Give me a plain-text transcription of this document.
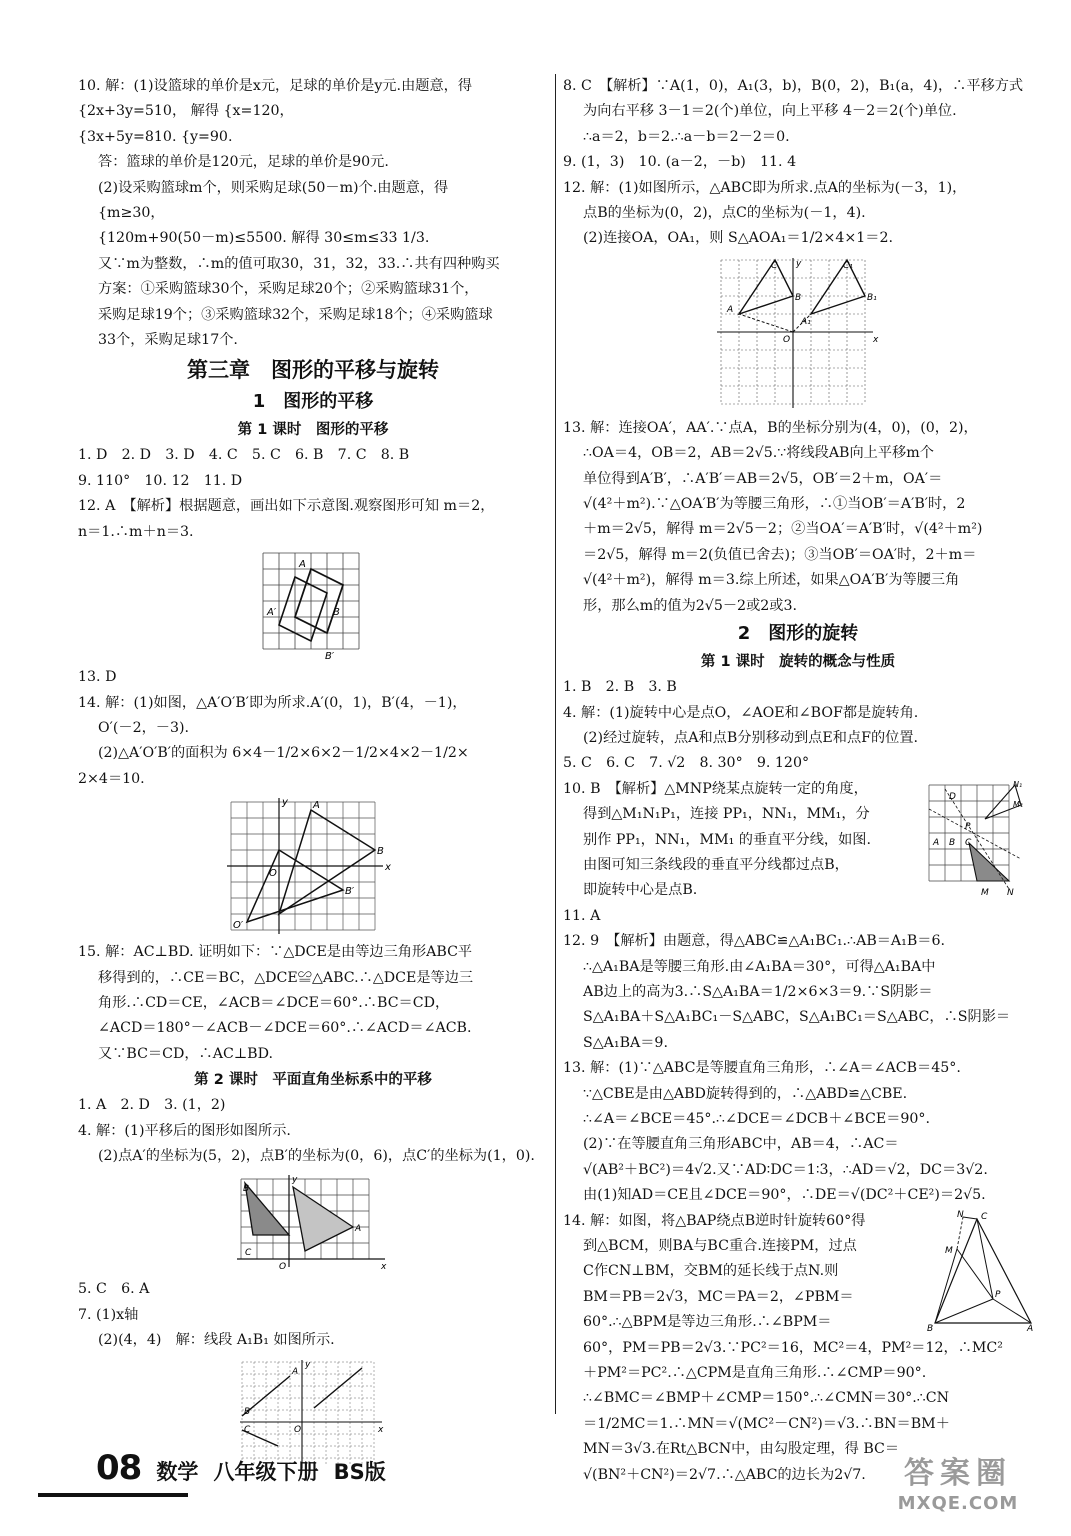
10. 解：(1)设篮球的单价是x元，足球的单价是y元.由题意，得
{2x+3y=510， 解得 {x=120，
{3x+5y=810. {y=90.
答：篮球的单价是120元，足球的单价是90元.
(2)设采购篮球m个，则采购足球(50－m)个.由题意，得
{m≥30，
{120m+90(50－m)≤5500. 解得 30≤m≤33 1/3.
又∵m为整数，∴m的值可取30，31，32，33.∴共有四种购买
方案：①采购篮球30个，采购足球20个；②采购篮球31个，
采购足球19个；③采购篮球32个，采购足球18个；④采购篮球
33个，采购足球17个.
第三章　图形的平移与旋转
1　图形的平移
第 1 课时　图形的平移
1. D　2. D　3. D　4. C　5. C　6. B　7. C　8. B
9. 110°　10. 12　11. D
12. A　【解析】根据题意，画出如下示意图.观察图形可知 m＝2，
n＝1.∴m＋n＝3.
A
A′	B
B′
13. D
14. 解：(1)如图，△A′O′B′即为所求.A′(0，1)，B′(4，－1)，
O′(－2，－3).
(2)△A′O′B′的面积为 6×4－1/2×6×2－1/2×4×2－1/2×
2×4＝10.
A
B
B′
O
O′
x
y
15. 解：AC⊥BD. 证明如下：∵△DCE是由等边三角形ABC平
移得到的，∴CE＝BC，△DCE≌△ABC.∴△DCE是等边三
角形.∴CD＝CE，∠ACB＝∠DCE＝60°.∴BC＝CD，
∠ACD＝180°－∠ACB－∠DCE＝60°.∴∠ACD＝∠ACB.
又∵BC＝CD，∴AC⊥BD.
第 2 课时　平面直角坐标系中的平移
1. A　2. D　3. (1，2)
4. 解：(1)平移后的图形如图所示.
(2)点A′的坐标为(5，2)，点B′的坐标为(0，6)，点C′的坐标为(1，0).
B
A
C
O	x
y
5. C　6. A
7. (1)x轴
(2)(4，4)　解：线段 A₁B₁ 如图所示.
A
B
C	O	x
y
8. C　【解析】∵A(1，0)，A₁(3，b)，B(0，2)，B₁(a，4)，∴平移方式
为向右平移 3－1＝2(个)单位，向上平移 4－2＝2(个)单位.
∴a＝2，b＝2.∴a－b＝2－2＝0.
9. (1，3)　10. (a－2，－b)　11. 4
12. 解：(1)如图所示，△ABC即为所求.点A的坐标为(－3，1)，
点B的坐标为(0，2)，点C的坐标为(－1，4).
(2)连接OA，OA₁，则 S△AOA₁＝1/2×4×1＝2.
C	C₁
A
A₁
B	B₁
O	x
y
13. 解：连接OA′，AA′.∵点A，B的坐标分别为(4，0)，(0，2)，
∴OA＝4，OB＝2，AB＝2√5.∵将线段AB向上平移m个
单位得到A′B′，∴A′B′＝AB＝2√5，OB′＝2＋m，OA′＝
√(4²＋m²).∵△OA′B′为等腰三角形，∴①当OB′＝A′B′时，2
＋m＝2√5，解得 m＝2√5－2；②当OA′＝A′B′时，√(4²＋m²)
＝2√5，解得 m＝2(负值已舍去)；③当OB′＝OA′时，2＋m＝
√(4²＋m²)，解得 m＝3.综上所述，如果△OA′B′为等腰三角
形，那么m的值为2√5－2或2或3.
2　图形的旋转
第 1 课时　旋转的概念与性质
1. B　2. B　3. B
4. 解：(1)旋转中心是点O，∠AOE和∠BOF都是旋转角.
(2)经过旋转，点A和点B分别移动到点E和点F的位置.
5. C　6. C　7. √2　8. 30°　9. 120°
10. B　【解析】△MNP绕某点旋转一定的角度，
得到△M₁N₁P₁，连接 PP₁，NN₁，MM₁，分
别作 PP₁，NN₁，MM₁ 的垂直平分线，如图.
由图可知三条线段的垂直平分线都过点B，
即旋转中心是点B.
D
P
A B C
M N
N₁
M₁
11. A
12. 9　【解析】由题意，得△ABC≌△A₁BC₁.∴AB＝A₁B＝6.
∴△A₁BA是等腰三角形.由∠A₁BA＝30°，可得△A₁BA中
AB边上的高为3.∴S△A₁BA＝1/2×6×3＝9.∵S阴影＝
S△A₁BA＋S△A₁BC₁－S△ABC，S△A₁BC₁＝S△ABC，∴S阴影＝
S△A₁BA＝9.
13. 解：(1)∵△ABC是等腰直角三角形，∴∠A＝∠ACB＝45°.
∵△CBE是由△ABD旋转得到的，∴△ABD≌△CBE.
∴∠A＝∠BCE＝45°.∴∠DCE＝∠DCB＋∠BCE＝90°.
(2)∵在等腰直角三角形ABC中，AB＝4，∴AC＝
√(AB²＋BC²)＝4√2.又∵AD∶DC＝1∶3，∴AD＝√2，DC＝3√2.
由(1)知AD＝CE且∠DCE＝90°，∴DE＝√(DC²＋CE²)＝2√5.
14. 解：如图，将△BAP绕点B逆时针旋转60°得
到△BCM，则BA与BC重合.连接PM，过点
C作CN⊥BM，交BM的延长线于点N.则
BM＝PB＝2√3，MC＝PA＝2，∠PBM＝
60°.∴△BPM是等边三角形.∴∠BPM＝
60°，PM＝PB＝2√3.∵PC²＝16，MC²＝4，PM²＝12，∴MC²
＋PM²＝PC².∴△CPM是直角三角形.∴∠CMP＝90°.
∴∠BMC＝∠BMP＋∠CMP＝150°.∴∠CMN＝30°.∴CN
＝1/2MC＝1.∴MN＝√(MC²－CN²)＝√3.∴BN＝BM＋
MN＝3√3.在Rt△BCN中，由勾股定理，得 BC＝
√(BN²＋CN²)＝2√7.∴△ABC的边长为2√7.
N C
M
P
B	A
08 数学 八年级下册 BS版	答案圈
MXQE.COM
